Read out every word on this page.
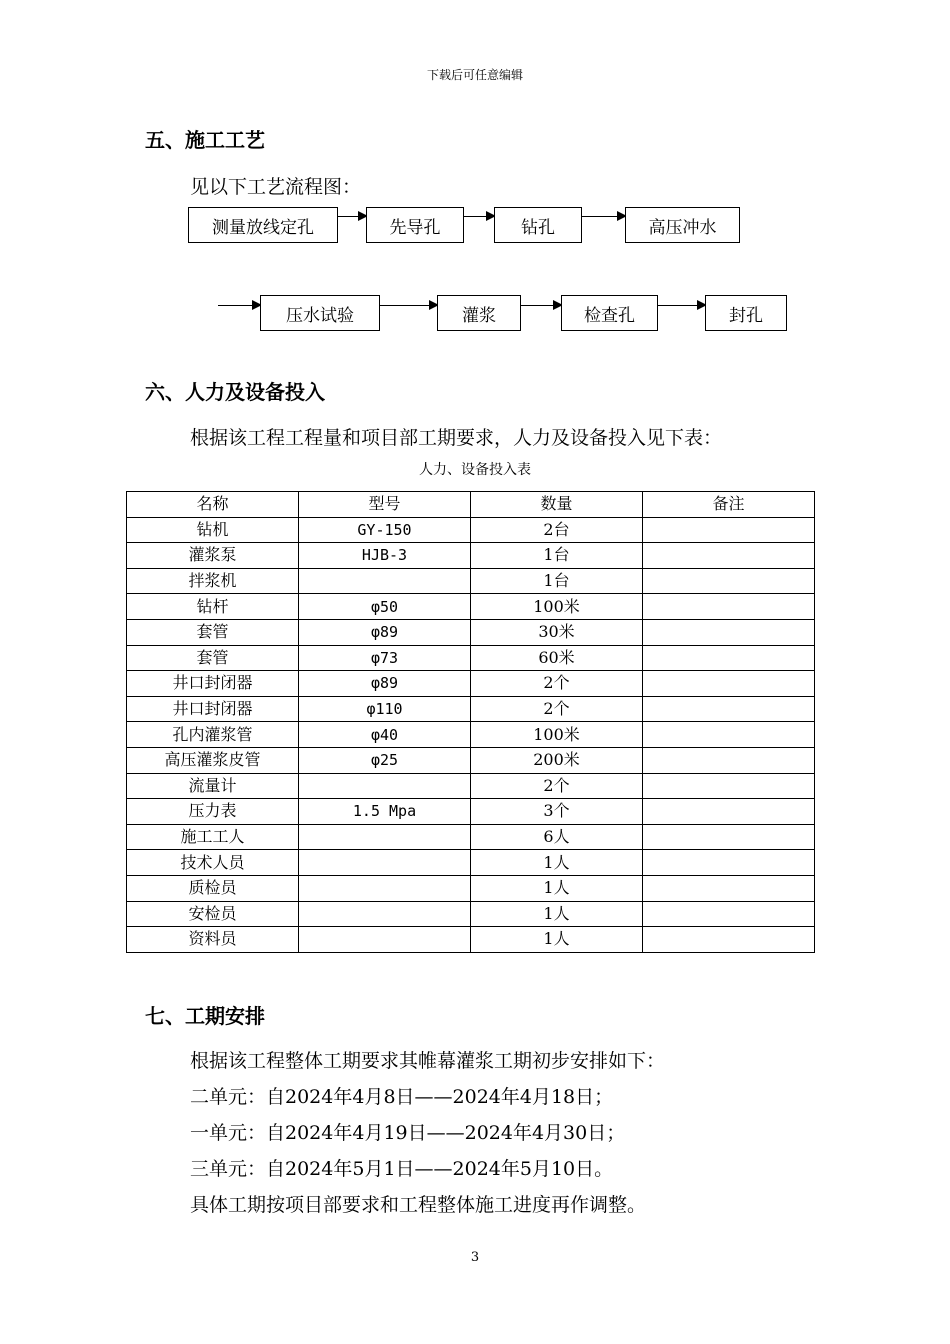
下载后可任意编辑
五、施工工艺
见以下工艺流程图：
测量放线定孔	先导孔	钻孔	高压冲水
压水试验	灌浆	检查孔	封孔
六、人力及设备投入
根据该工程工程量和项目部工期要求，人力及设备投入见下表：
人力、设备投入表
名称	型号	数量	备注
钻机	GY-150	2台	
灌浆泵	HJB-3	1台	
拌浆机		1台	
钻杆	φ50	100米	
套管	φ89	30米	
套管	φ73	60米	
井口封闭器	φ89	2个	
井口封闭器	φ110	2个	
孔内灌浆管	φ40	100米	
高压灌浆皮管	φ25	200米	
流量计		2个	
压力表	1.5 Mpa	3个	
施工工人		6人	
技术人员		1人	
质检员		1人	
安检员		1人	
资料员		1人	
七、工期安排
根据该工程整体工期要求其帷幕灌浆工期初步安排如下：
二单元：自2024年4月8日——2024年4月18日；
一单元：自2024年4月19日——2024年4月30日；
三单元：自2024年5月1日——2024年5月10日。
具体工期按项目部要求和工程整体施工进度再作调整。
3
